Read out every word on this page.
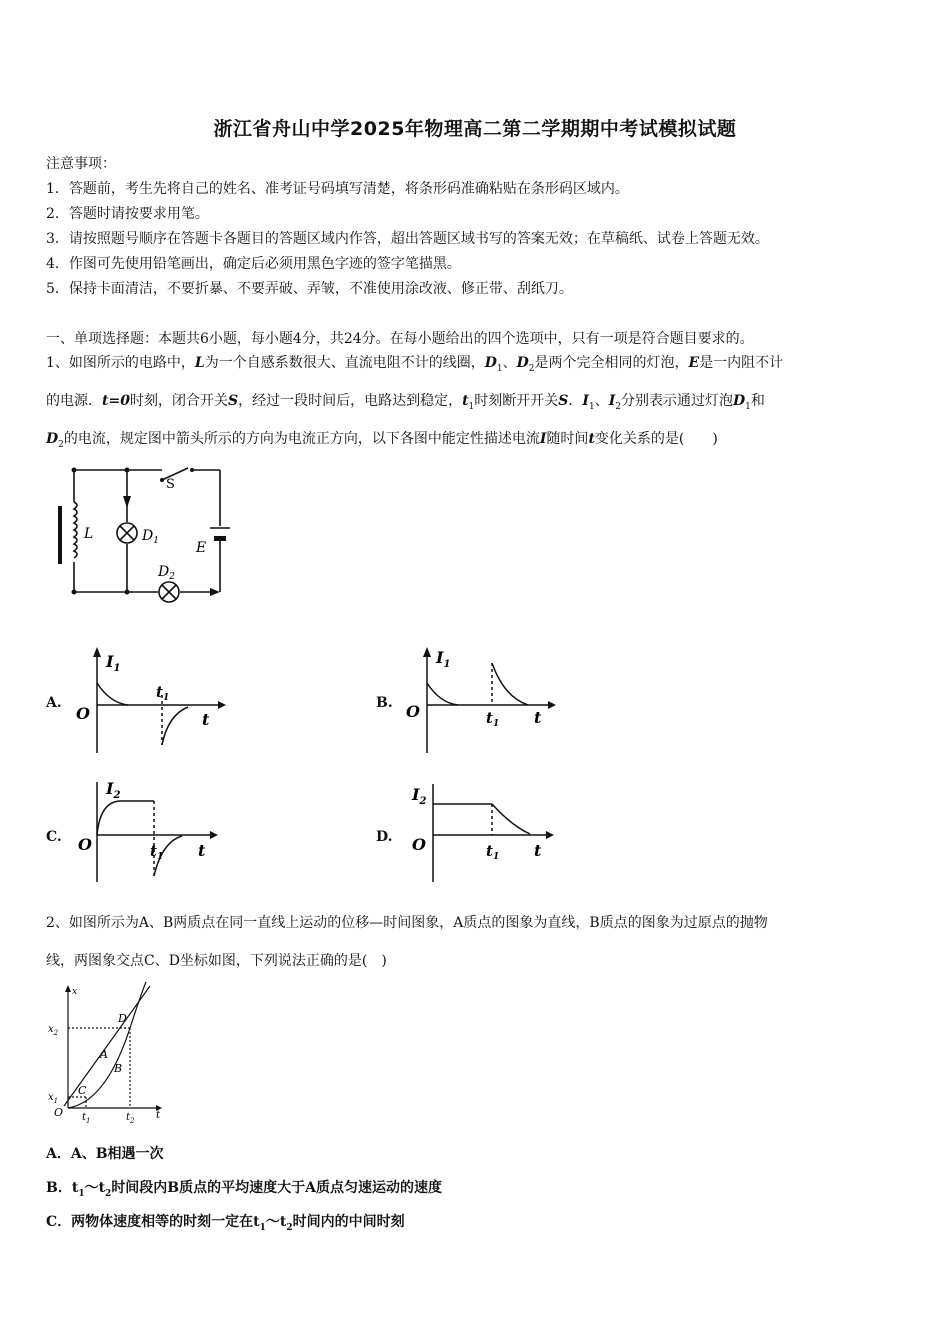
浙江省舟山中学2025年物理高二第二学期期中考试模拟试题
注意事项：
1．答题前，考生先将自己的姓名、准考证号码填写清楚，将条形码准确粘贴在条形码区域内。
2．答题时请按要求用笔。
3．请按照题号顺序在答题卡各题目的答题区域内作答，超出答题区域书写的答案无效；在草稿纸、试卷上答题无效。
4．作图可先使用铅笔画出，确定后必须用黑色字迹的签字笔描黑。
5．保持卡面清洁，不要折暴、不要弄破、弄皱，不准使用涂改液、修正带、刮纸刀。
一、单项选择题：本题共6小题，每小题4分，共24分。在每小题给出的四个选项中，只有一项是符合题目要求的。
1、如图所示的电路中，L为一个自感系数很大、直流电阻不计的线圈，$D_1$、$D_2$是两个完全相同的灯泡，E是一内阻不计
的电源．t=0时刻，闭合开关S，经过一段时间后，电路达到稳定，$t_1$时刻断开开关S．$I_1$、$I_2$分别表示通过灯泡$D_1$和
$D_2$的电流，规定图中箭头所示的方向为电流正方向，以下各图中能定性描述电流I随时间t变化关系的是(　　)
L	$D_1$
$D_2$
E
S
A.
$I_1$
O
$t_1$
t
B.
$I_1$
O	$t_1$ t
C.
$I_2$
O	$t_1$ t
D.
$I_2$
O	$t_1$ t
2、如图所示为A、B两质点在同一直线上运动的位移—时间图象，A质点的图象为直线，B质点的图象为过原点的抛物
线，两图象交点C、D坐标如图，下列说法正确的是(　)
x
$x_2$
$x_1$
O $t_1$	$t_2$ t
A
B
C
D
A．A、B相遇一次
B．$t_1\sim t_2$时间段内B质点的平均速度大于A质点匀速运动的速度
C．两物体速度相等的时刻一定在$t_1\sim t_2$时间内的中间时刻
